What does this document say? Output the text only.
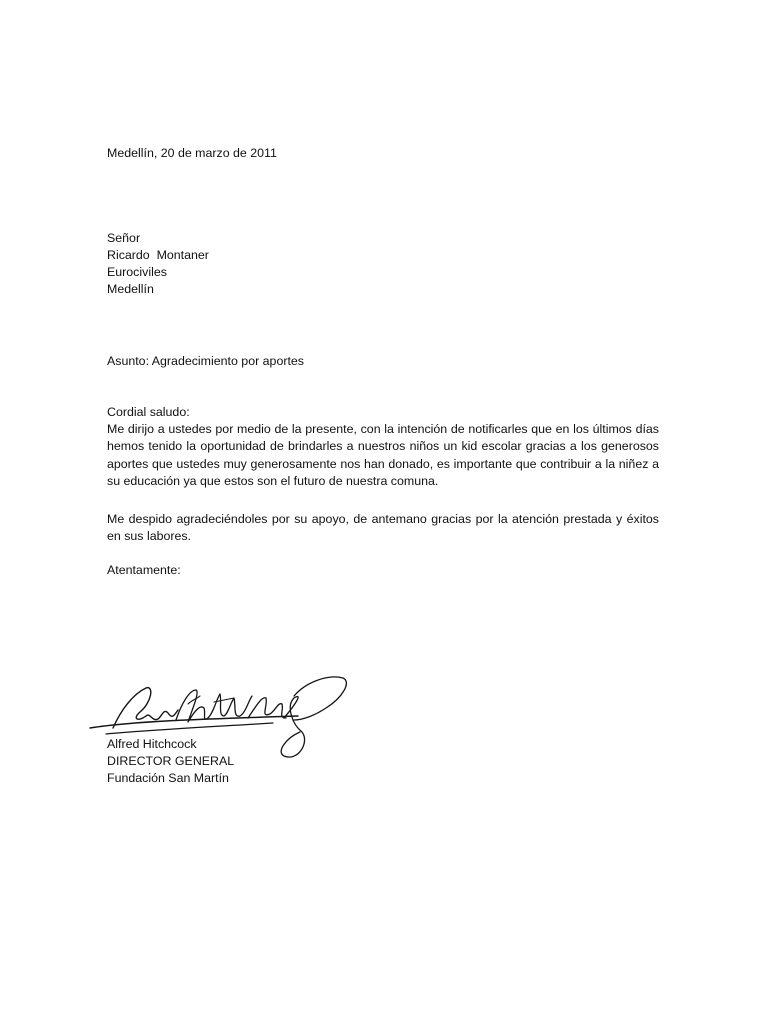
Medellín, 20 de marzo de 2011
Señor
Ricardo  Montaner
Eurociviles
Medellín
Asunto: Agradecimiento por aportes
Cordial saludo:
Me dirijo a ustedes por medio de la presente, con la intención de notificarles que en los últimos días hemos tenido la oportunidad de brindarles a nuestros niños un kid escolar gracias a los generosos aportes que ustedes muy generosamente nos han donado, es importante que contribuir a la niñez a su educación ya que estos son el futuro de nuestra comuna.
Me despido agradeciéndoles por su apoyo, de antemano gracias por la atención prestada y éxitos en sus labores.
Atentamente:
Alfred Hitchcock
DIRECTOR GENERAL
Fundación San Martín
